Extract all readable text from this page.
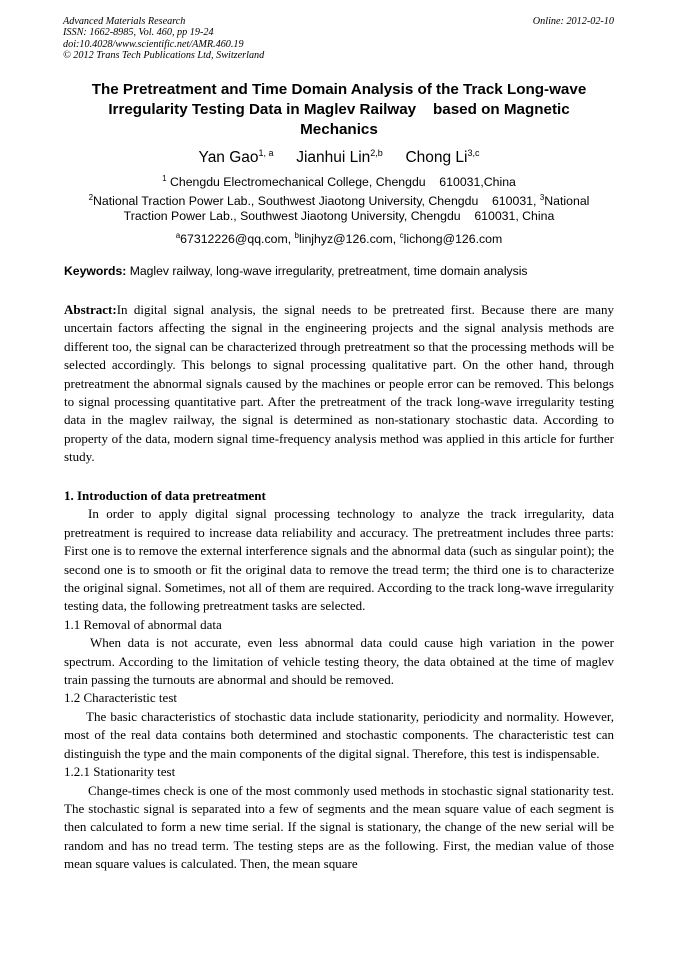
Advanced Materials Research
ISSN: 1662-8985, Vol. 460, pp 19-24
doi:10.4028/www.scientific.net/AMR.460.19
© 2012 Trans Tech Publications Ltd, Switzerland
Online: 2012-02-10
The Pretreatment and Time Domain Analysis of the Track Long-wave
Irregularity Testing Data in Maglev Railway    based on Magnetic
Mechanics
Yan Gao$^{1, a}$ Jianhui Lin$^{2,b}$ Chong Li$^{3,c}$
$^1$ Chengdu Electromechanical College, Chengdu    610031,China
$^2$National Traction Power Lab., Southwest Jiaotong University, Chengdu    610031, $^3$National
Traction Power Lab., Southwest Jiaotong University, Chengdu    610031, China
$^a$67312226@qq.com, $^b$linjhyz@126.com, $^c$lichong@126.com
Keywords: Maglev railway, long-wave irregularity, pretreatment, time domain analysis

Abstract:In digital signal analysis, the signal needs to be pretreated first. Because there are many uncertain factors affecting the signal in the engineering projects and the signal analysis methods are different too, the signal can be characterized through pretreatment so that the processing methods will be selected accordingly. This belongs to signal processing qualitative part. On the other hand, through pretreatment the abnormal signals caused by the machines or people error can be removed. This belongs to signal processing quantitative part. After the pretreatment of the track long-wave irregularity testing data in the maglev railway, the signal is determined as non-stationary stochastic data. According to property of the data, modern signal time-frequency analysis method was applied in this article for further study.

1. Introduction of data pretreatment

In order to apply digital signal processing technology to analyze the track irregularity, data pretreatment is required to increase data reliability and accuracy. The pretreatment includes three parts: First one is to remove the external interference signals and the abnormal data (such as singular point); the second one is to smooth or fit the original data to remove the tread term; the third one is to characterize the original signal. Sometimes, not all of them are required. According to the track long-wave irregularity testing data, the following pretreatment tasks are selected.

1.1 Removal of abnormal data

When data is not accurate, even less abnormal data could cause high variation in the power spectrum. According to the limitation of vehicle testing theory, the data obtained at the time of maglev train passing the turnouts are abnormal and should be removed.

1.2 Characteristic test

The basic characteristics of stochastic data include stationarity, periodicity and normality. However, most of the real data contains both determined and stochastic components. The characteristic test can distinguish the type and the main components of the digital signal. Therefore, this test is indispensable.

1.2.1 Stationarity test

Change-times check is one of the most commonly used methods in stochastic signal stationarity test. The stochastic signal is separated into a few of segments and the mean square value of each segment is then calculated to form a new time serial. If the signal is stationary, the change of the new serial will be random and has no tread term. The testing steps are as the following. First, the median value of those mean square values is calculated. Then, the mean square
